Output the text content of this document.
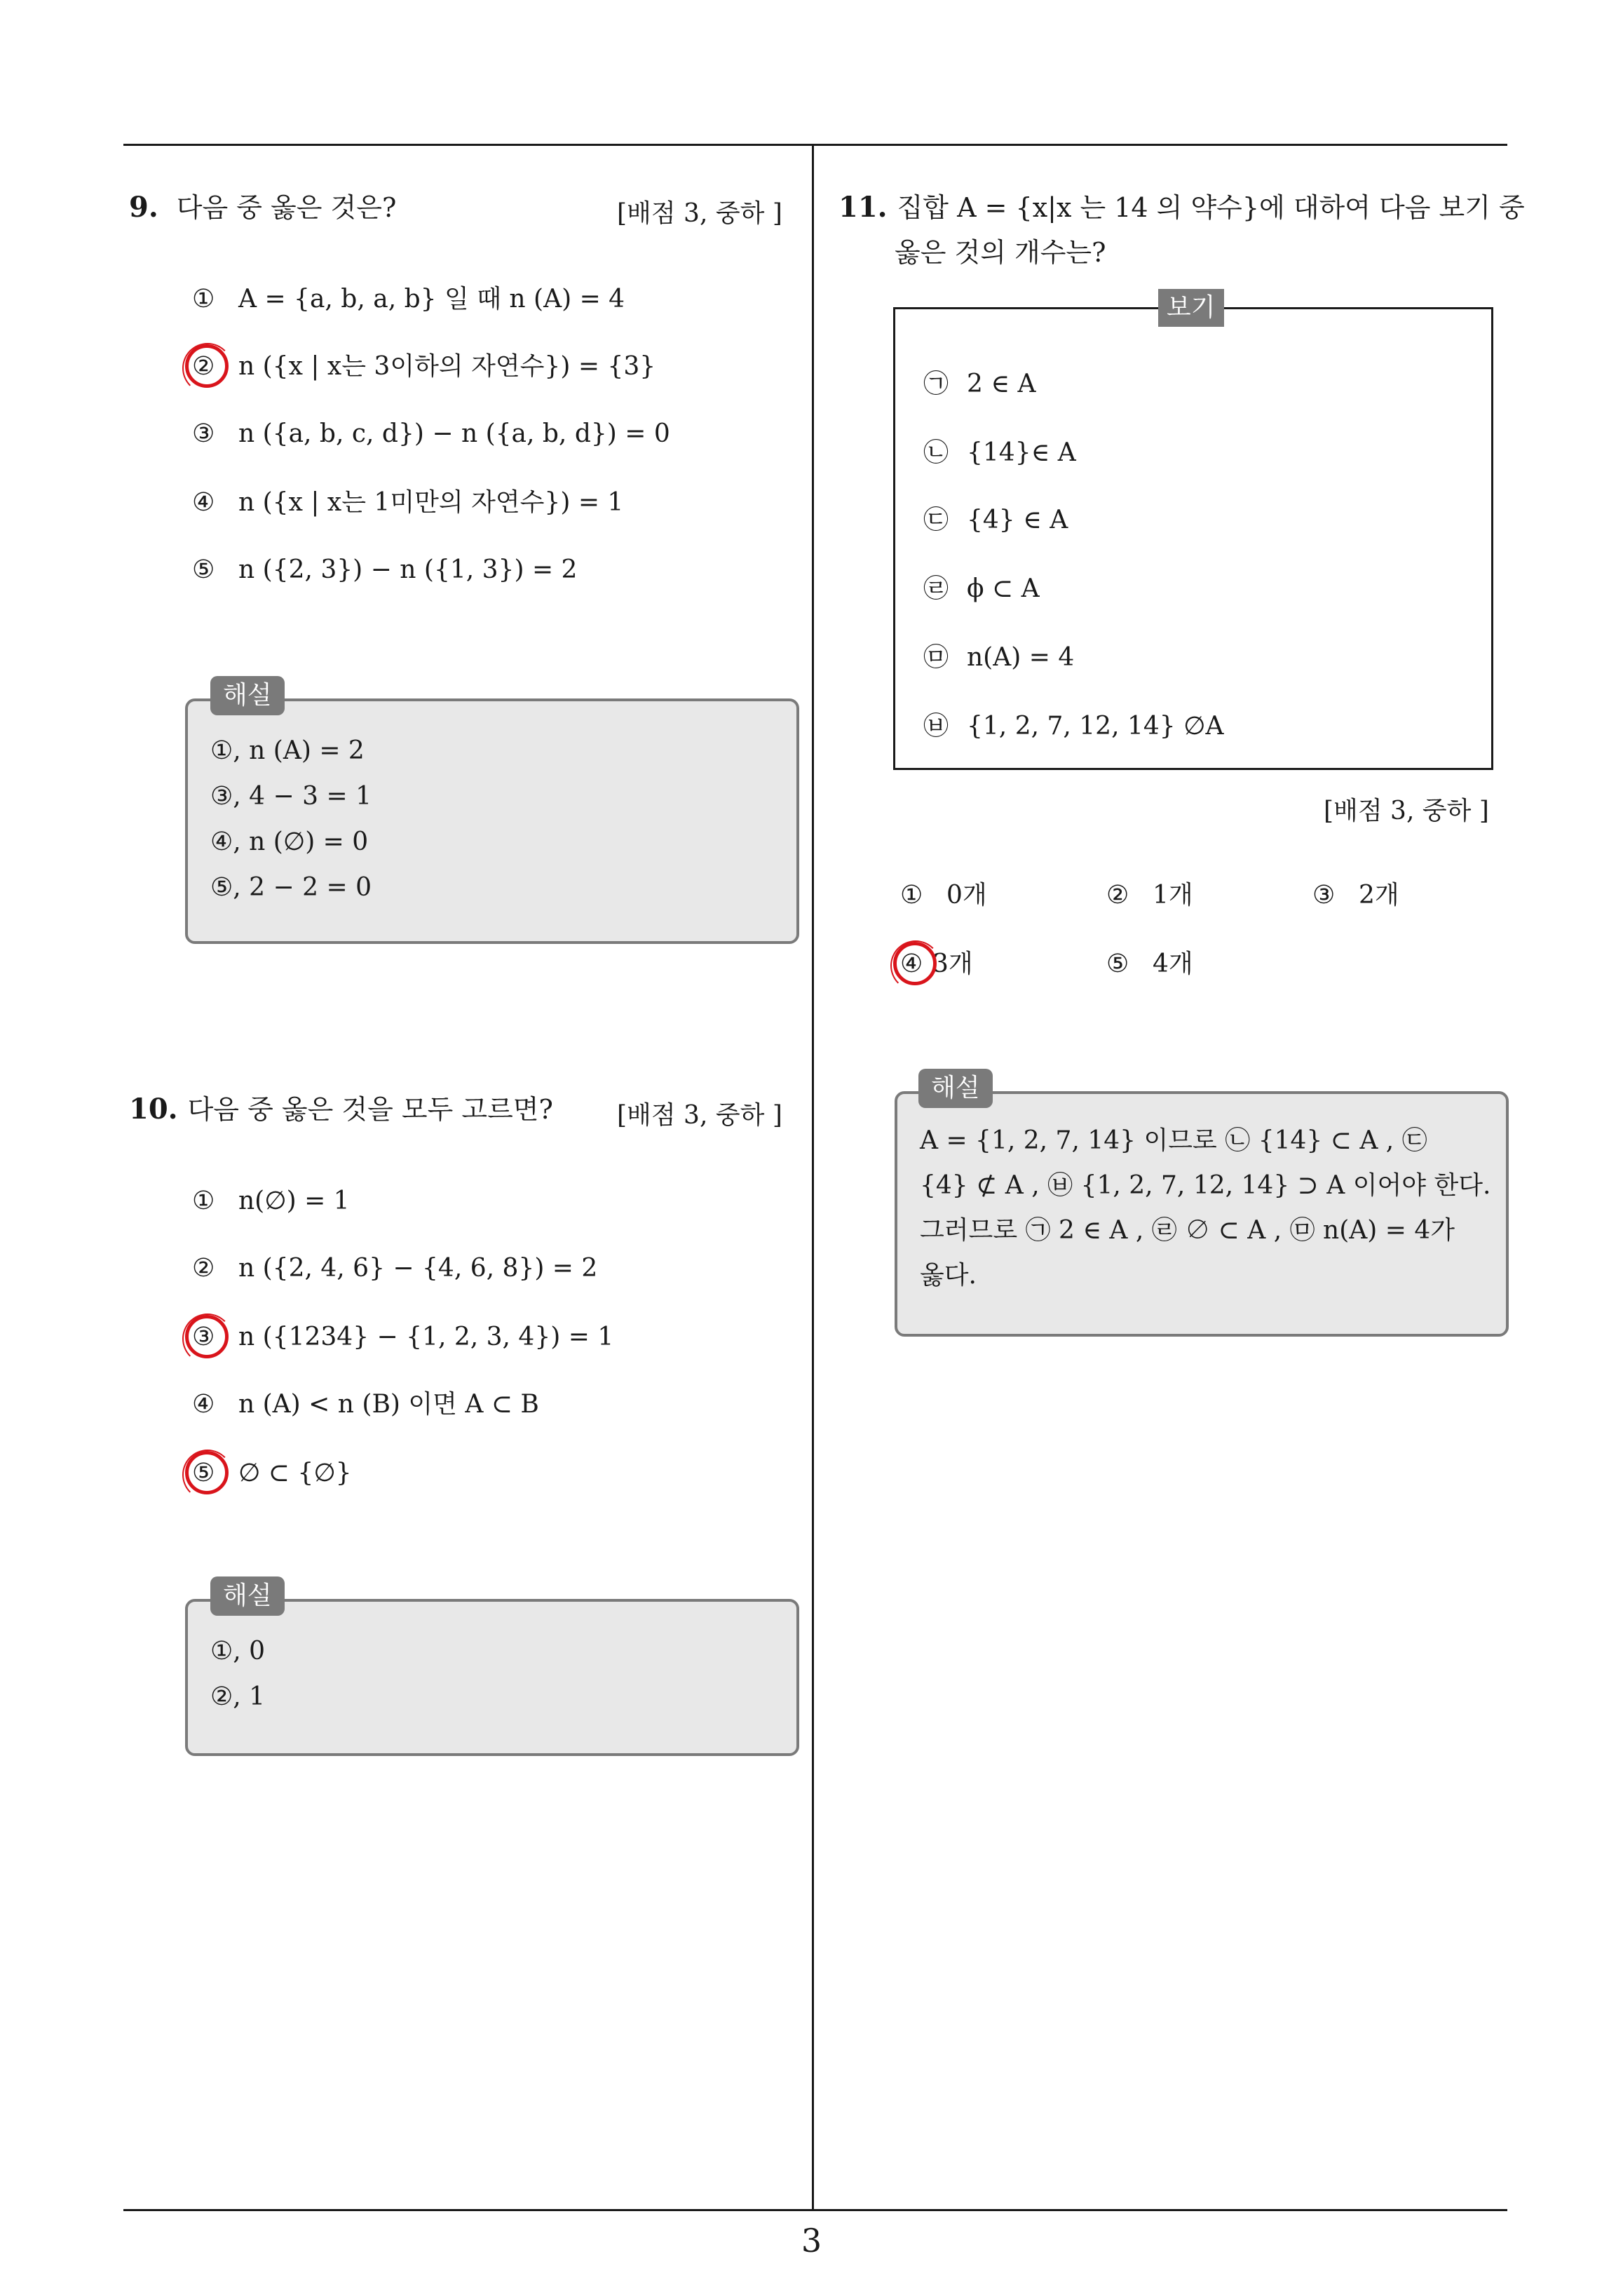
3
9. 다음 중 옳은 것은?	[배점 3, 중하 ]
① A = {a, b, a, b} 일 때 n (A) = 4
② n ({x | x는 3이하의 자연수}) = {3}
③ n ({a, b, c, d}) − n ({a, b, d}) = 0
④ n ({x | x는 1미만의 자연수}) = 1
⑤ n ({2, 3}) − n ({1, 3}) = 2
①, n (A) = 2
③, 4 − 3 = 1
④, n (∅) = 0
⑤, 2 − 2 = 0
해설
10. 다음 중 옳은 것을 모두 고르면?	[배점 3, 중하 ]
① n(∅) = 1
② n ({2, 4, 6} − {4, 6, 8}) = 2
③ n ({1234} − {1, 2, 3, 4}) = 1
④ n (A) < n (B) 이면 A ⊂ B
⑤ ∅ ⊂ {∅}
①, 0
②, 1
해설
11. 집합 A = {x|x 는 14 의 약수}에 대하여 다음 보기 중
옳은 것의 개수는?
㉠ 2 ∈ A
㉡ {14}∈ A
㉢ {4} ∈ A
㉣ ϕ ⊂ A
㉤ n(A) = 4
㉥ {1, 2, 7, 12, 14} ∅A
보기
[배점 3, 중하 ]
① 0개	② 1개	③ 2개
④ 3개	⑤ 4개
A = {1, 2, 7, 14} 이므로 ㉡ {14} ⊂ A , ㉢
{4} ⊄ A , ㉥ {1, 2, 7, 12, 14} ⊃ A 이어야 한다.
그러므로 ㉠ 2 ∈ A , ㉣ ∅ ⊂ A , ㉤ n(A) = 4가
옳다.
해설
